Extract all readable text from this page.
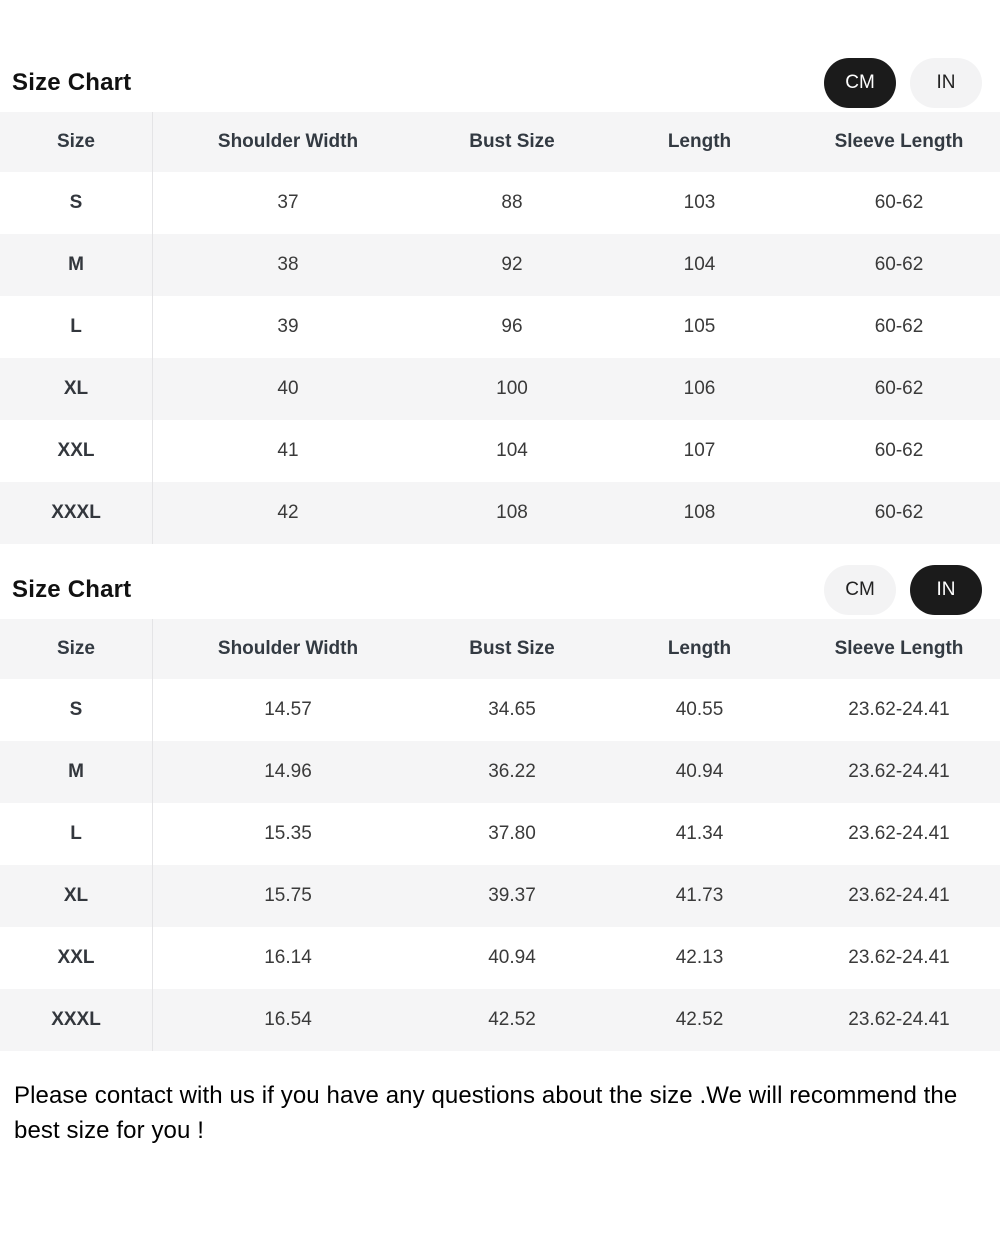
Size Chart	CM	IN
Size	Shoulder Width	Bust Size	Length	Sleeve Length
S	37	88	103	60-62
M	38	92	104	60-62
L	39	96	105	60-62
XL	40	100	106	60-62
XXL	41	104	107	60-62
XXXL	42	108	108	60-62
Size Chart	CM	IN
Size	Shoulder Width	Bust Size	Length	Sleeve Length
S	14.57	34.65	40.55	23.62-24.41
M	14.96	36.22	40.94	23.62-24.41
L	15.35	37.80	41.34	23.62-24.41
XL	15.75	39.37	41.73	23.62-24.41
XXL	16.14	40.94	42.13	23.62-24.41
XXXL	16.54	42.52	42.52	23.62-24.41
Please contact with us if you have any questions about the size .We will recommend the best size for you !
